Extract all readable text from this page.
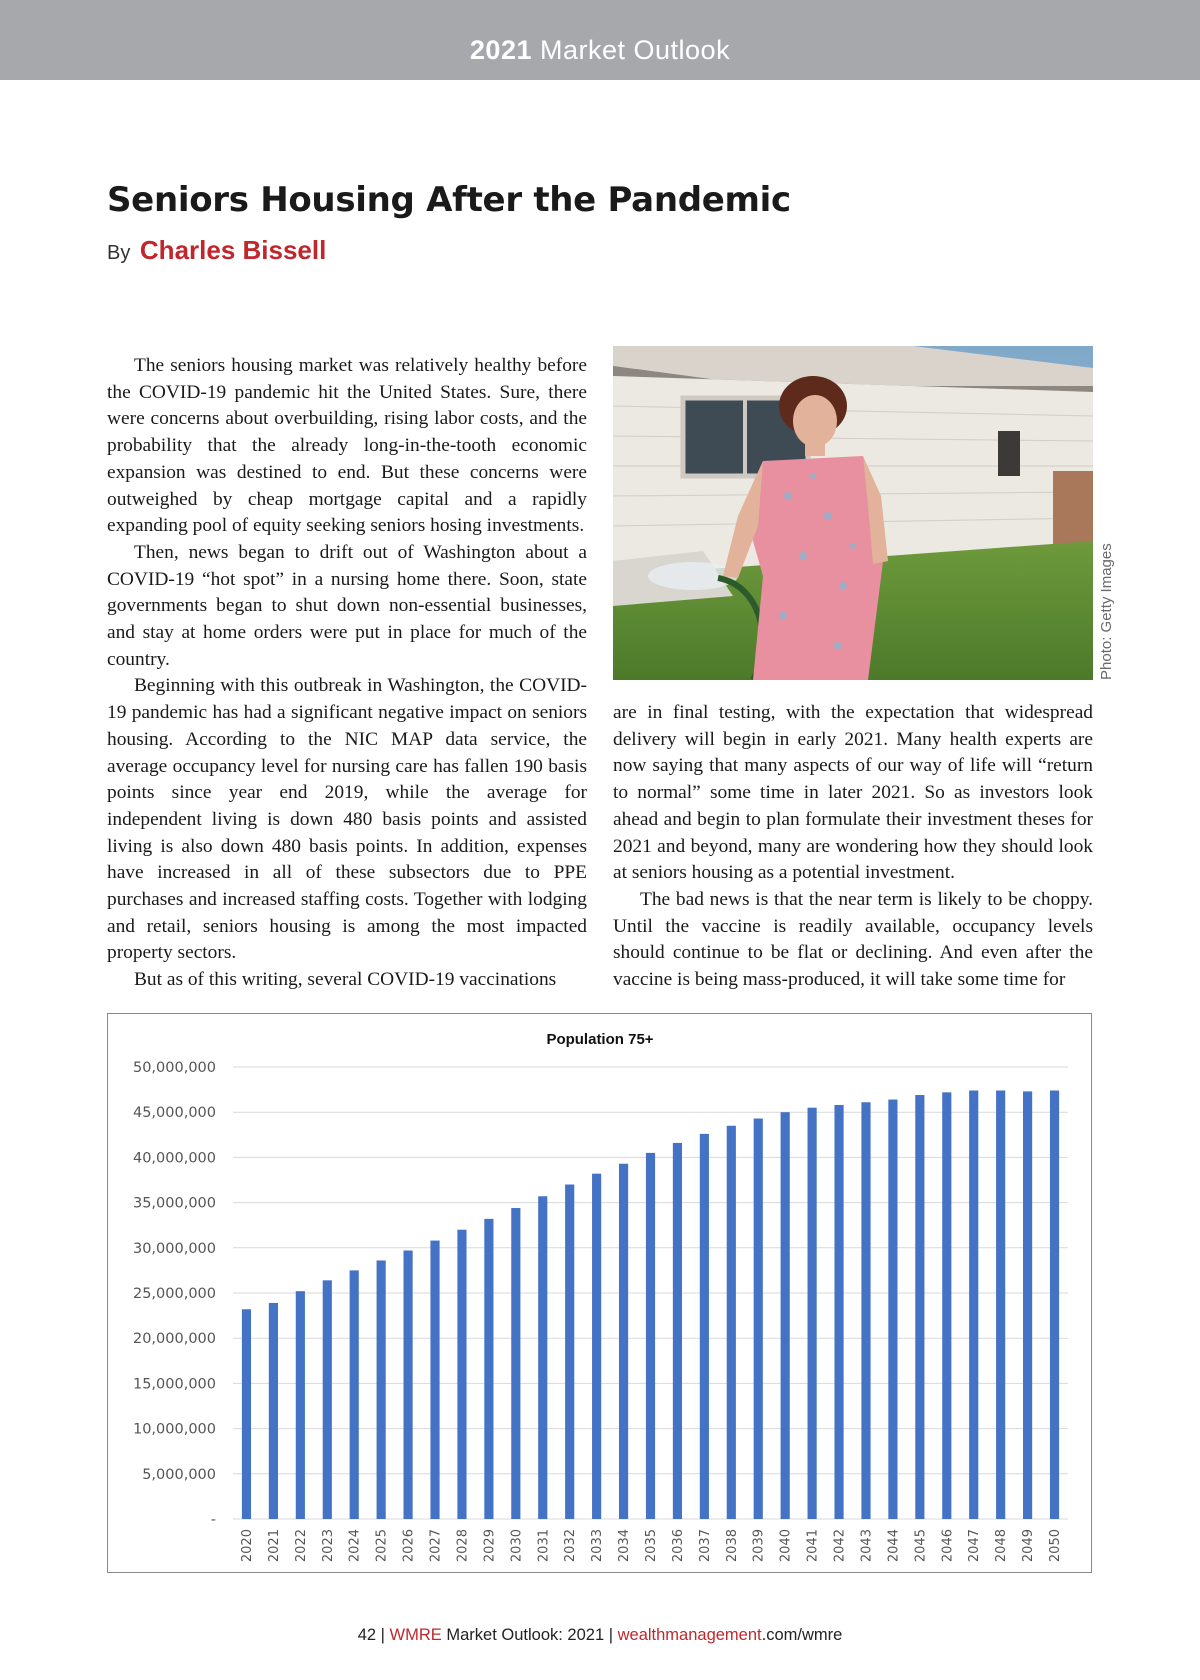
2021 Market Outlook
Seniors Housing After the Pandemic
By Charles Bissell

The seniors housing market was relatively healthy before the COVID-19 pandemic hit the United States. Sure, there were concerns about overbuilding, rising labor costs, and the probability that the already long-in-the-tooth economic expansion was destined to end. But these concerns were outweighed by cheap mortgage capital and a rapidly expanding pool of equity seeking seniors hosing investments.

Then, news began to drift out of Washington about a COVID-19 “hot spot” in a nursing home there. Soon, state governments began to shut down non-essential businesses, and stay at home orders were put in place for much of the country.

Beginning with this outbreak in Washington, the COVID-19 pandemic has had a significant negative impact on seniors housing. According to the NIC MAP data service, the average occupancy level for nursing care has fallen 190 basis points since year end 2019, while the average for independent living is down 480 basis points and assisted living is also down 480 basis points. In addition, expenses have increased in all of these subsectors due to PPE purchases and increased staffing costs. Together with lodging and retail, seniors housing is among the most impacted property sectors.

But as of this writing, several COVID-19 vaccinations

Photo: Getty Images

are in final testing, with the expectation that widespread delivery will begin in early 2021. Many health experts are now saying that many aspects of our way of life will “return to normal” some time in later 2021. So as investors look ahead and begin to plan formulate their investment theses for 2021 and beyond, many are wondering how they should look at seniors housing as a potential investment.

The bad news is that the near term is likely to be choppy. Until the vaccine is readily available, occupancy levels should continue to be flat or declining. And even after the vaccine is being mass-produced, it will take some time for

Population 75+
-
5,000,000
10,000,000
15,000,000
20,000,000
25,000,000
30,000,000
35,000,000
40,000,000
45,000,000
50,000,000
2020 2021 2022 2023 2024 2025 2026 2027 2028 2029 2030 2031 2032 2033 2034 2035 2036 2037 2038 2039 2040 2041 2042 2043 2044 2045 2046 2047 2048 2049 2050
42 | WMRE Market Outlook: 2021 | wealthmanagement.com/wmre
